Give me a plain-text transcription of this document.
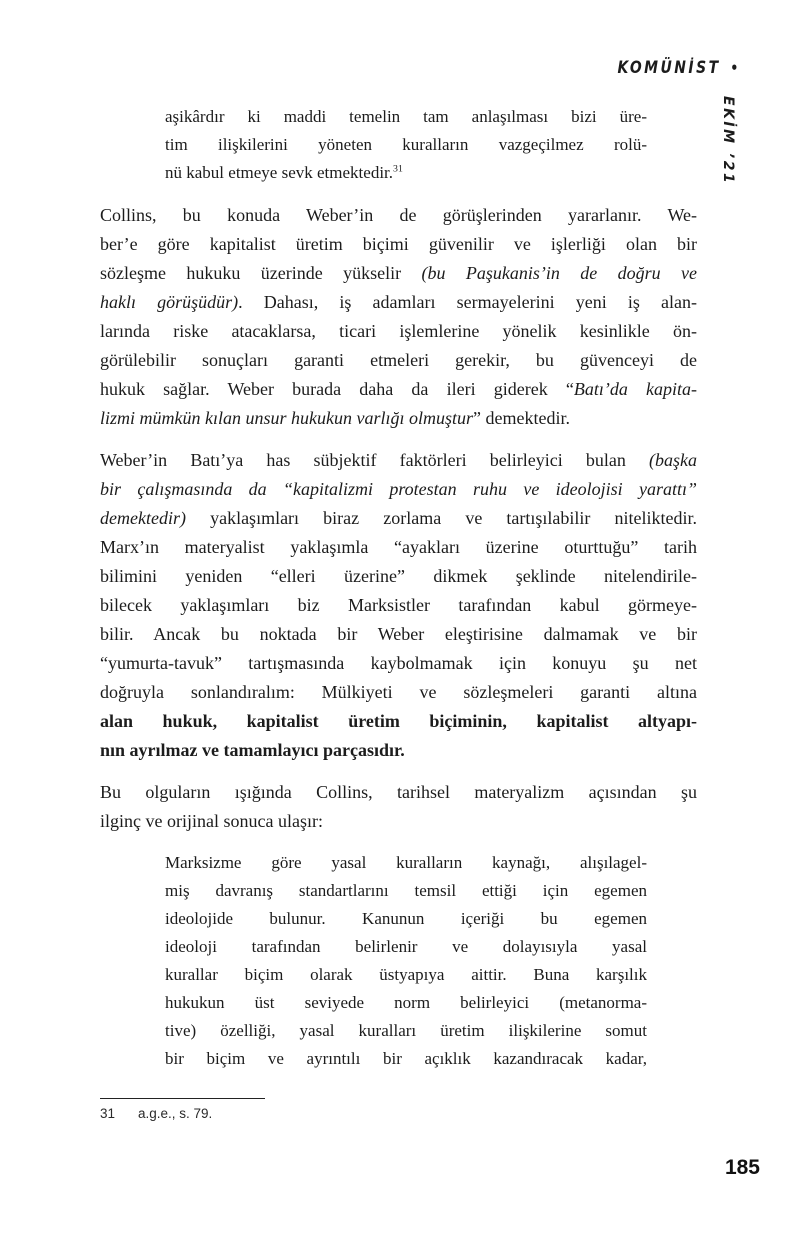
KOMÜNİST •
EKİM ’21
aşikârdır ki maddi temelin tam anlaşılması bizi üre-
tim ilişkilerini yöneten kuralların vazgeçilmez rolü-
nü kabul etmeye sevk etmektedir.$^{31}$
Collins, bu konuda Weber’in de görüşlerinden yararlanır. We-
ber’e göre kapitalist üretim biçimi güvenilir ve işlerliği olan bir
sözleşme hukuku üzerinde yükselir (bu Paşukanis’in de doğru ve
haklı görüşüdür). Dahası, iş adamları sermayelerini yeni iş alan-
larında riske atacaklarsa, ticari işlemlerine yönelik kesinlikle ön-
görülebilir sonuçları garanti etmeleri gerekir, bu güvenceyi de
hukuk sağlar. Weber burada daha da ileri giderek “Batı’da kapita-
lizmi mümkün kılan unsur hukukun varlığı olmuştur” demektedir.
Weber’in Batı’ya has sübjektif faktörleri belirleyici bulan (başka
bir çalışmasında da “kapitalizmi protestan ruhu ve ideolojisi yarattı”
demektedir) yaklaşımları biraz zorlama ve tartışılabilir niteliktedir.
Marx’ın materyalist yaklaşımla “ayakları üzerine oturttuğu” tarih
bilimini yeniden “elleri üzerine” dikmek şeklinde nitelendirile-
bilecek yaklaşımları biz Marksistler tarafından kabul görmeye-
bilir. Ancak bu noktada bir Weber eleştirisine dalmamak ve bir
“yumurta-tavuk” tartışmasında kaybolmamak için konuyu şu net
doğruyla sonlandıralım: Mülkiyeti ve sözleşmeleri garanti altına
alan hukuk, kapitalist üretim biçiminin, kapitalist altyapı-
nın ayrılmaz ve tamamlayıcı parçasıdır.
Bu olguların ışığında Collins, tarihsel materyalizm açısından şu
ilginç ve orijinal sonuca ulaşır:
Marksizme göre yasal kuralların kaynağı, alışılagel-
miş davranış standartlarını temsil ettiği için egemen
ideolojide bulunur. Kanunun içeriği bu egemen
ideoloji tarafından belirlenir ve dolayısıyla yasal
kurallar biçim olarak üstyapıya aittir. Buna karşılık
hukukun üst seviyede norm belirleyici (metanorma-
tive) özelliği, yasal kuralları üretim ilişkilerine somut
bir biçim ve ayrıntılı bir açıklık kazandıracak kadar,
31 a.g.e., s. 79.
185
